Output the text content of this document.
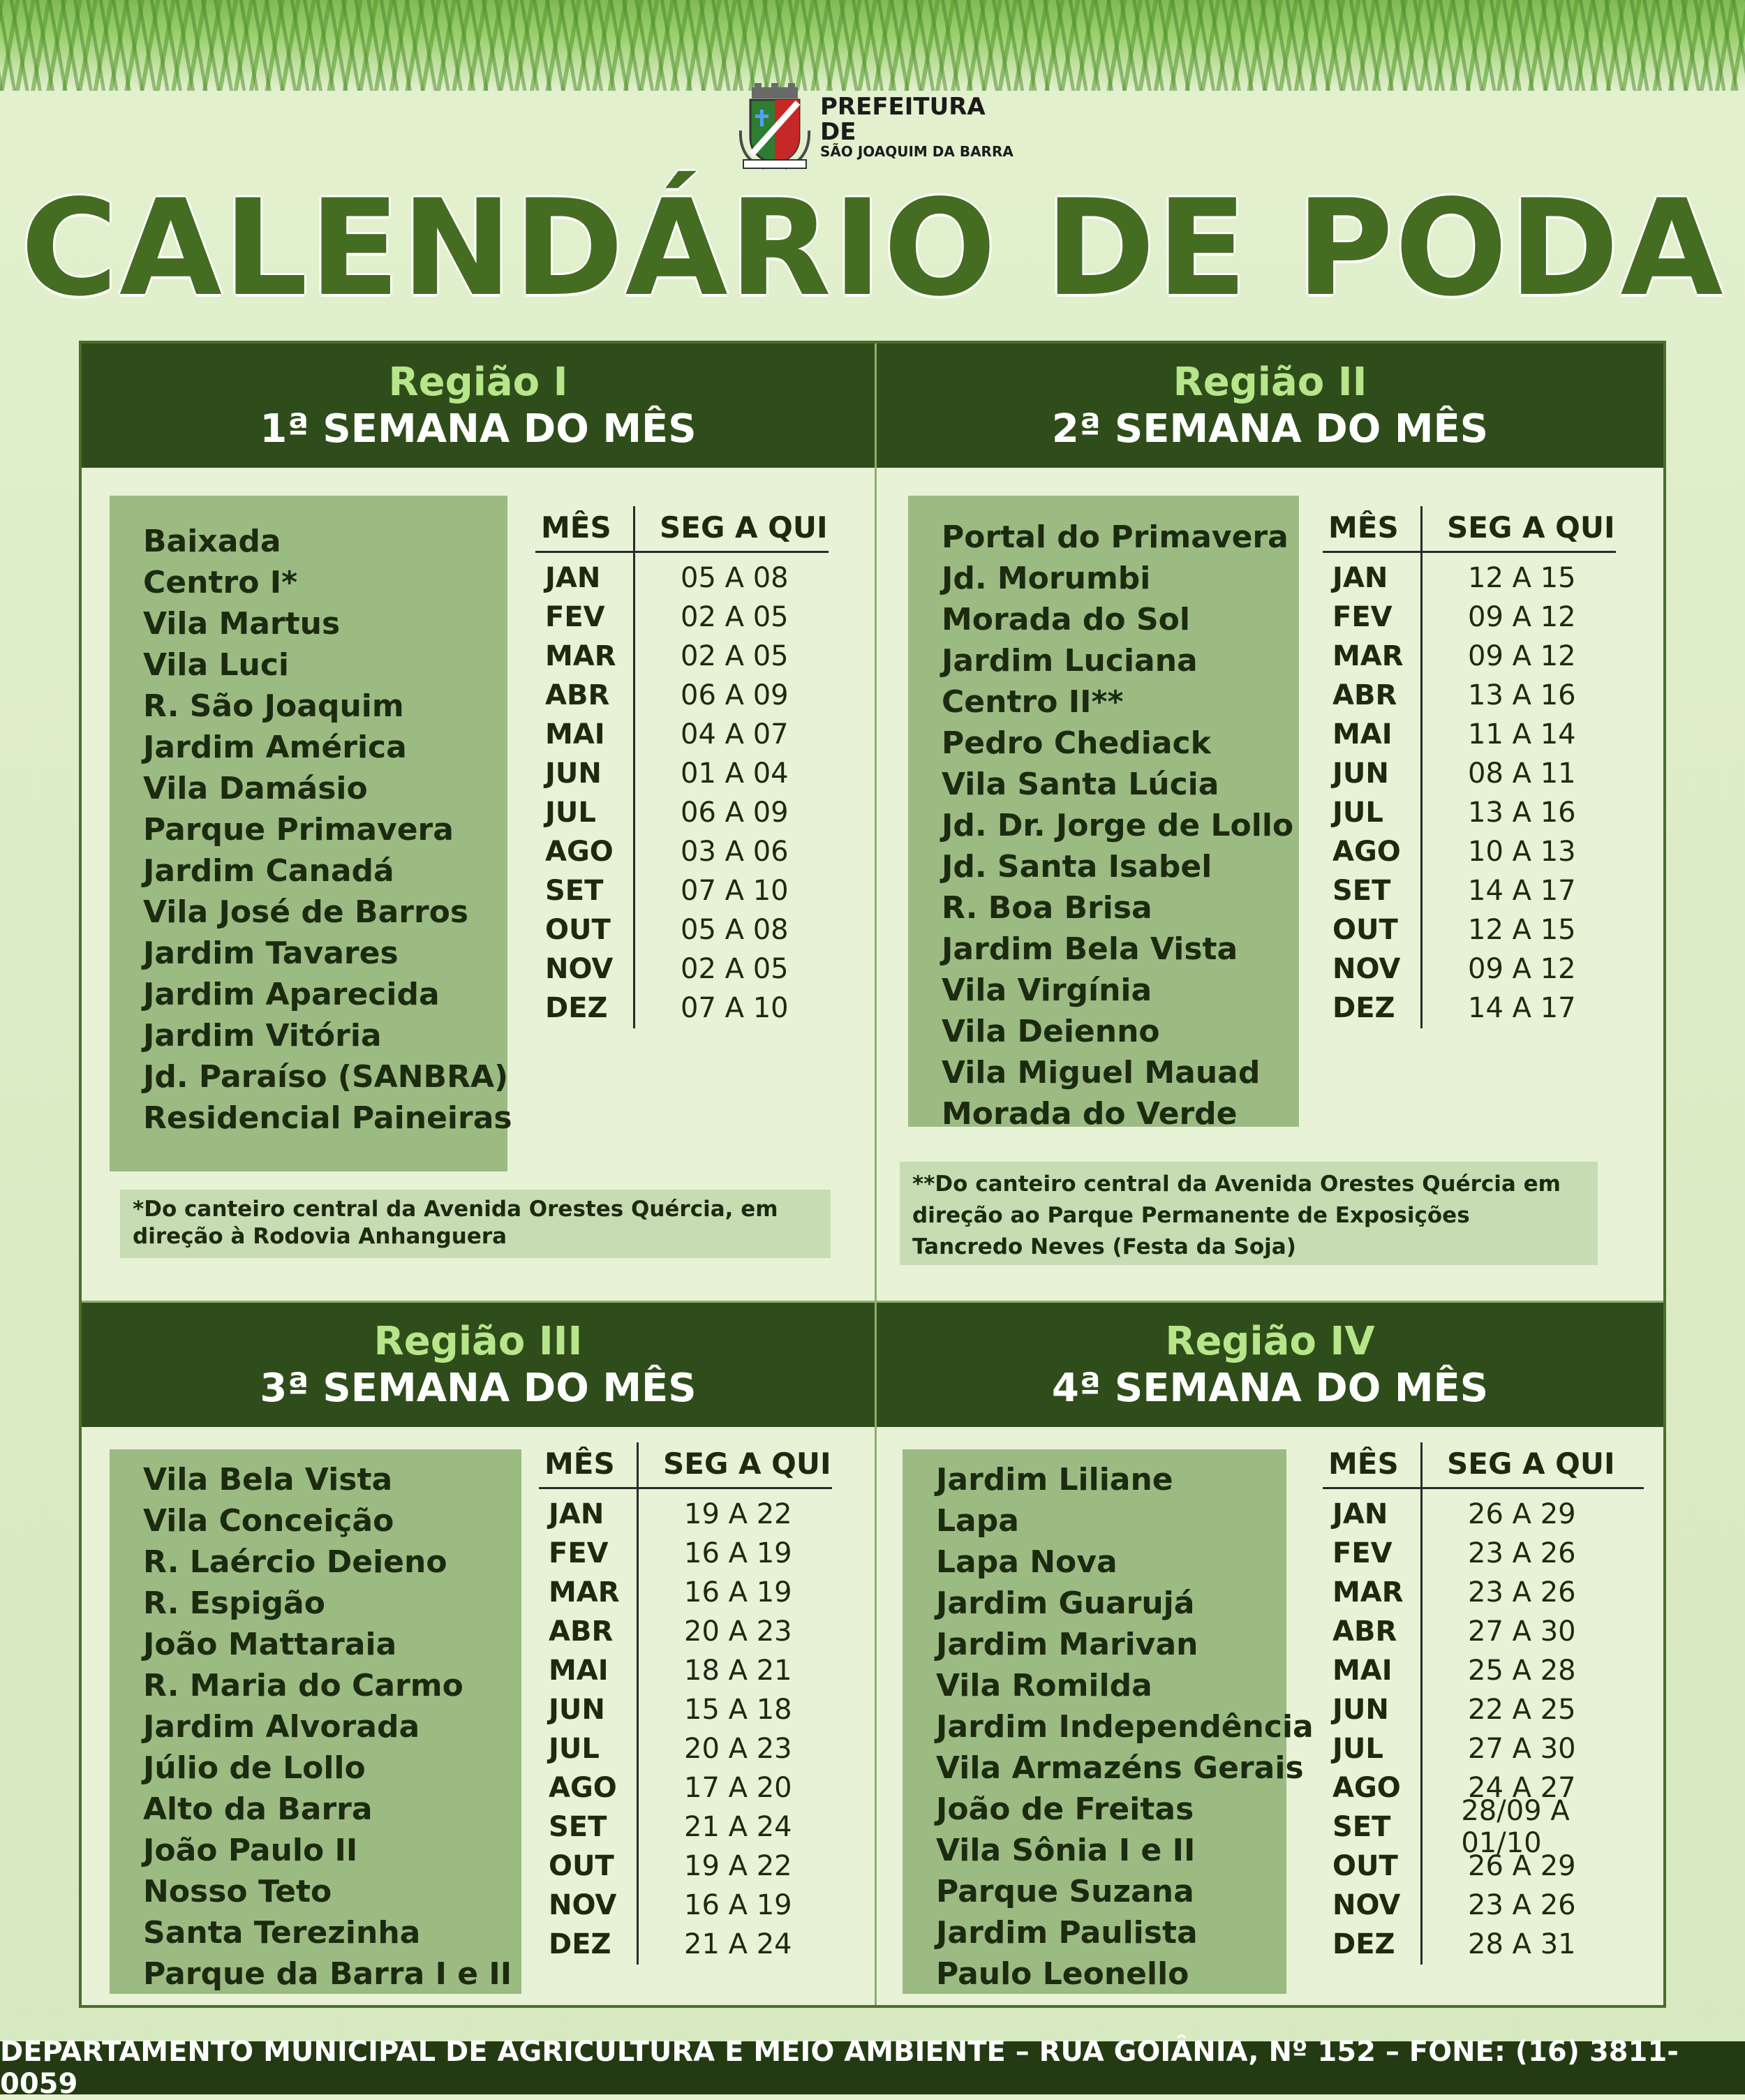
PREFEITURA DE
SÃO JOAQUIM DA BARRA
CALENDÁRIO DE PODA
Região I
1ª SEMANA DO MÊS
Baixada
Centro I*
Vila Martus
Vila Luci
R. São Joaquim
Jardim América
Vila Damásio
Parque Primavera
Jardim Canadá
Vila José de Barros
Jardim Tavares
Jardim Aparecida
Jardim Vitória
Jd. Paraíso (SANBRA)
Residencial Paineiras
MÊS	SEG A QUI
JAN	05 A 08
FEV	02 A 05
MAR	02 A 05
ABR	06 A 09
MAI	04 A 07
JUN	01 A 04
JUL	06 A 09
AGO	03 A 06
SET	07 A 10
OUT	05 A 08
NOV	02 A 05
DEZ	07 A 10
*Do canteiro central da Avenida Orestes Quércia, em direção à Rodovia Anhanguera
Região II
2ª SEMANA DO MÊS
Portal do Primavera
Jd. Morumbi
Morada do Sol
Jardim Luciana
Centro II**
Pedro Chediack
Vila Santa Lúcia
Jd. Dr. Jorge de Lollo
Jd. Santa Isabel
R. Boa Brisa
Jardim Bela Vista
Vila Virgínia
Vila Deienno
Vila Miguel Mauad
Morada do Verde
MÊS	SEG A QUI
JAN	12 A 15
FEV	09 A 12
MAR	09 A 12
ABR	13 A 16
MAI	11 A 14
JUN	08 A 11
JUL	13 A 16
AGO	10 A 13
SET	14 A 17
OUT	12 A 15
NOV	09 A 12
DEZ	14 A 17
**Do canteiro central da Avenida Orestes Quércia em direção ao Parque Permanente de Exposições Tancredo Neves (Festa da Soja)
Região III
3ª SEMANA DO MÊS
Vila Bela Vista
Vila Conceição
R. Laércio Deieno
R. Espigão
João Mattaraia
R. Maria do Carmo
Jardim Alvorada
Júlio de Lollo
Alto da Barra
João Paulo II
Nosso Teto
Santa Terezinha
Parque da Barra I e II
MÊS	SEG A QUI
JAN	19 A 22
FEV	16 A 19
MAR	16 A 19
ABR	20 A 23
MAI	18 A 21
JUN	15 A 18
JUL	20 A 23
AGO	17 A 20
SET	21 A 24
OUT	19 A 22
NOV	16 A 19
DEZ	21 A 24
Região IV
4ª SEMANA DO MÊS
Jardim Liliane
Lapa
Lapa Nova
Jardim Guarujá
Jardim Marivan
Vila Romilda
Jardim Independência
Vila Armazéns Gerais
João de Freitas
Vila Sônia I e II
Parque Suzana
Jardim Paulista
Paulo Leonello
MÊS	SEG A QUI
JAN	26 A 29
FEV	23 A 26
MAR	23 A 26
ABR	27 A 30
MAI	25 A 28
JUN	22 A 25
JUL	27 A 30
AGO	24 A 27
SET	28/09 A 01/10
OUT	26 A 29
NOV	23 A 26
DEZ	28 A 31
DEPARTAMENTO MUNICIPAL DE AGRICULTURA E MEIO AMBIENTE – RUA GOIÂNIA, Nº 152 – FONE: (16) 3811-0059
